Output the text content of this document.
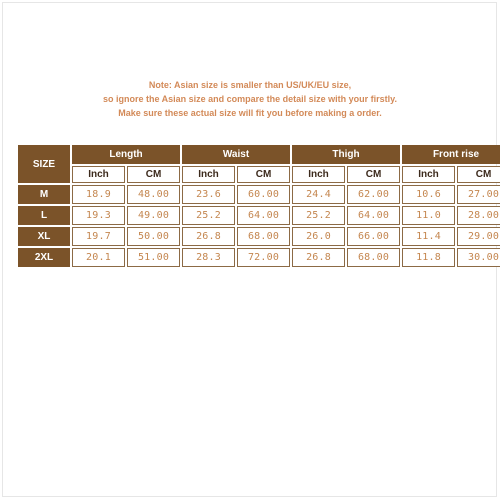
Note: Asian size is smaller than US/UK/EU size,
so ignore the Asian size and compare the detail size with your firstly.
Make sure these actual size will fit you before making a order.
SIZE	Length		Waist		Thigh		Front rise	
	Inch	CM	Inch	CM	Inch	CM	Inch	CM
M	18.9	48.00	23.6	60.00	24.4	62.00	10.6	27.00
L	19.3	49.00	25.2	64.00	25.2	64.00	11.0	28.00
XL	19.7	50.00	26.8	68.00	26.0	66.00	11.4	29.00
2XL	20.1	51.00	28.3	72.00	26.8	68.00	11.8	30.00
